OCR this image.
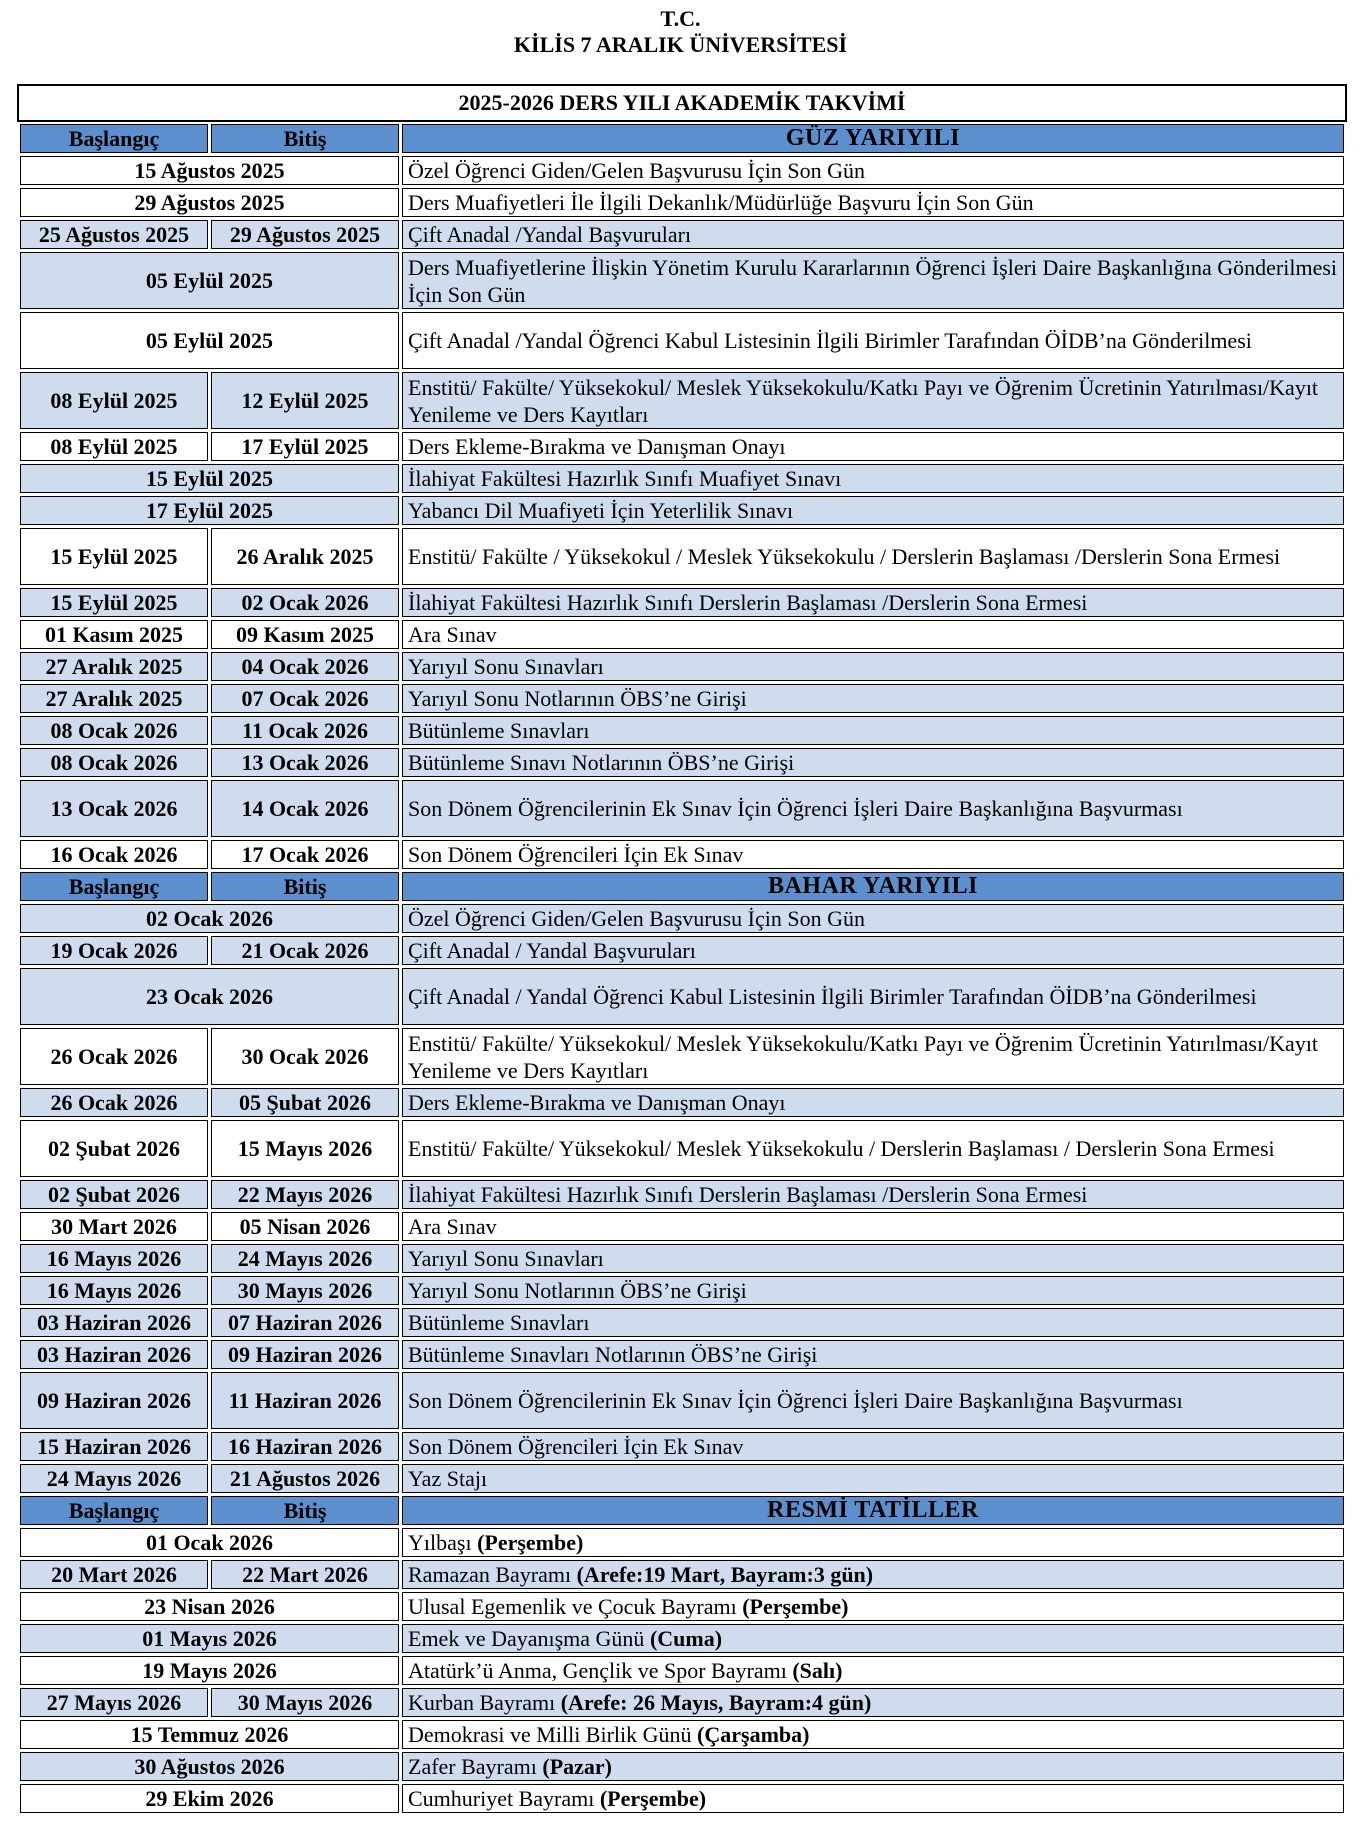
T.C.
KİLİS 7 ARALIK ÜNİVERSİTESİ
2025-2026 DERS YILI AKADEMİK TAKVİMİ
Başlangıç	Bitiş	GÜZ YARIYILI
15 Ağustos 2025		Özel Öğrenci Giden/Gelen Başvurusu İçin Son Gün
29 Ağustos 2025		Ders Muafiyetleri İle İlgili Dekanlık/Müdürlüğe Başvuru İçin Son Gün
25 Ağustos 2025	29 Ağustos 2025	Çift Anadal /Yandal Başvuruları
05 Eylül 2025		Ders Muafiyetlerine İlişkin Yönetim Kurulu Kararlarının Öğrenci İşleri Daire Başkanlığına Gönderilmesi İçin Son Gün
05 Eylül 2025		Çift Anadal /Yandal Öğrenci Kabul Listesinin İlgili Birimler Tarafından ÖİDB’na Gönderilmesi
08 Eylül 2025	12 Eylül 2025	Enstitü/ Fakülte/ Yüksekokul/ Meslek Yüksekokulu/Katkı Payı ve Öğrenim Ücretinin Yatırılması/Kayıt Yenileme ve Ders Kayıtları
08 Eylül 2025	17 Eylül 2025	Ders Ekleme-Bırakma ve Danışman Onayı
15 Eylül 2025		İlahiyat Fakültesi Hazırlık Sınıfı Muafiyet Sınavı
17 Eylül 2025		Yabancı Dil Muafiyeti İçin Yeterlilik Sınavı
15 Eylül 2025	26 Aralık 2025	Enstitü/ Fakülte / Yüksekokul / Meslek Yüksekokulu / Derslerin Başlaması /Derslerin Sona Ermesi
15 Eylül 2025	02 Ocak 2026	İlahiyat Fakültesi Hazırlık Sınıfı Derslerin Başlaması /Derslerin Sona Ermesi
01 Kasım 2025	09 Kasım 2025	Ara Sınav
27 Aralık 2025	04 Ocak 2026	Yarıyıl Sonu Sınavları
27 Aralık 2025	07 Ocak 2026	Yarıyıl Sonu Notlarının ÖBS’ne Girişi
08 Ocak 2026	11 Ocak 2026	Bütünleme Sınavları
08 Ocak 2026	13 Ocak 2026	Bütünleme Sınavı Notlarının ÖBS’ne Girişi
13 Ocak 2026	14 Ocak 2026	Son Dönem Öğrencilerinin Ek Sınav İçin Öğrenci İşleri Daire Başkanlığına Başvurması
16 Ocak 2026	17 Ocak 2026	Son Dönem Öğrencileri İçin Ek Sınav
Başlangıç	Bitiş	BAHAR YARIYILI
02 Ocak 2026		Özel Öğrenci Giden/Gelen Başvurusu İçin Son Gün
19 Ocak 2026	21 Ocak 2026	Çift Anadal / Yandal Başvuruları
23 Ocak 2026		Çift Anadal / Yandal Öğrenci Kabul Listesinin İlgili Birimler Tarafından ÖİDB’na Gönderilmesi
26 Ocak 2026	30 Ocak 2026	Enstitü/ Fakülte/ Yüksekokul/ Meslek Yüksekokulu/Katkı Payı ve Öğrenim Ücretinin Yatırılması/Kayıt Yenileme ve Ders Kayıtları
26 Ocak 2026	05 Şubat 2026	Ders Ekleme-Bırakma ve Danışman Onayı
02 Şubat 2026	15 Mayıs 2026	Enstitü/ Fakülte/ Yüksekokul/ Meslek Yüksekokulu / Derslerin Başlaması / Derslerin Sona Ermesi
02 Şubat 2026	22 Mayıs 2026	İlahiyat Fakültesi Hazırlık Sınıfı Derslerin Başlaması /Derslerin Sona Ermesi
30 Mart 2026	05 Nisan 2026	Ara Sınav
16 Mayıs 2026	24 Mayıs 2026	Yarıyıl Sonu Sınavları
16 Mayıs 2026	30 Mayıs 2026	Yarıyıl Sonu Notlarının ÖBS’ne Girişi
03 Haziran 2026	07 Haziran 2026	Bütünleme Sınavları
03 Haziran 2026	09 Haziran 2026	Bütünleme Sınavları Notlarının ÖBS’ne Girişi
09 Haziran 2026	11 Haziran 2026	Son Dönem Öğrencilerinin Ek Sınav İçin Öğrenci İşleri Daire Başkanlığına Başvurması
15 Haziran 2026	16 Haziran 2026	Son Dönem Öğrencileri İçin Ek Sınav
24 Mayıs 2026	21 Ağustos 2026	Yaz Stajı
Başlangıç	Bitiş	RESMİ TATİLLER
01 Ocak 2026		Yılbaşı (Perşembe)
20 Mart 2026	22 Mart 2026	Ramazan Bayramı (Arefe:19 Mart, Bayram:3 gün)
23 Nisan 2026		Ulusal Egemenlik ve Çocuk Bayramı (Perşembe)
01 Mayıs 2026		Emek ve Dayanışma Günü (Cuma)
19 Mayıs 2026		Atatürk’ü Anma, Gençlik ve Spor Bayramı (Salı)
27 Mayıs 2026	30 Mayıs 2026	Kurban Bayramı (Arefe: 26 Mayıs, Bayram:4 gün)
15 Temmuz 2026		Demokrasi ve Milli Birlik Günü (Çarşamba)
30 Ağustos 2026		Zafer Bayramı (Pazar)
29 Ekim 2026		Cumhuriyet Bayramı (Perşembe)
